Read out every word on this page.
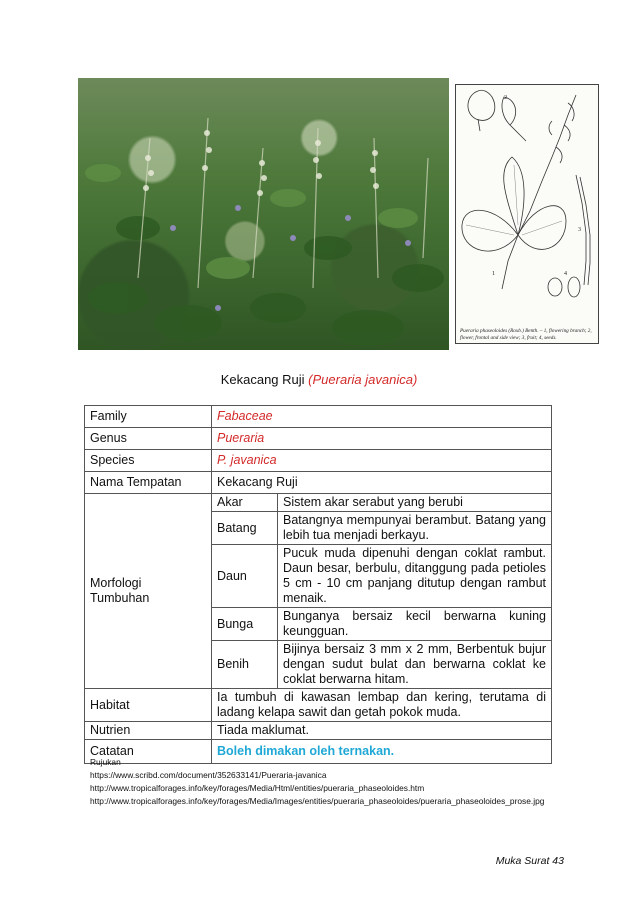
1
2
3
4
Pueraria phaseoloides (Roxb.) Benth. – 1, flowering branch; 2, flower, frontal and side view; 3, fruit; 4, seeds.
Kekacang Ruji (Pueraria javanica)
Family	Fabaceae	
Genus	Pueraria	
Species	P. javanica	
Nama Tempatan	Kekacang Ruji	
Morfologi
Tumbuhan	Akar	Sistem akar serabut yang berubi
	Batang	Batangnya mempunyai berambut. Batang yang lebih tua menjadi berkayu.
	Daun	Pucuk muda dipenuhi dengan coklat rambut. Daun besar, berbulu, ditanggung pada petioles 5 cm - 10 cm panjang ditutup dengan rambut menaik.
	Bunga	Bunganya bersaiz kecil berwarna kuning keungguan.
	Benih	Bijinya bersaiz 3 mm x 2 mm, Berbentuk bujur dengan sudut bulat dan berwarna coklat ke coklat berwarna hitam.
Habitat	Ia tumbuh di kawasan lembap dan kering, terutama di ladang kelapa sawit dan getah pokok muda.	
Nutrien	Tiada maklumat.	
Catatan	Boleh dimakan oleh ternakan.	
Rujukan
https://www.scribd.com/document/352633141/Pueraria-javanica
http://www.tropicalforages.info/key/forages/Media/Html/entities/pueraria_phaseoloides.htm
http://www.tropicalforages.info/key/forages/Media/Images/entities/pueraria_phaseoloides/pueraria_phaseoloides_prose.jpg
Muka Surat 43
